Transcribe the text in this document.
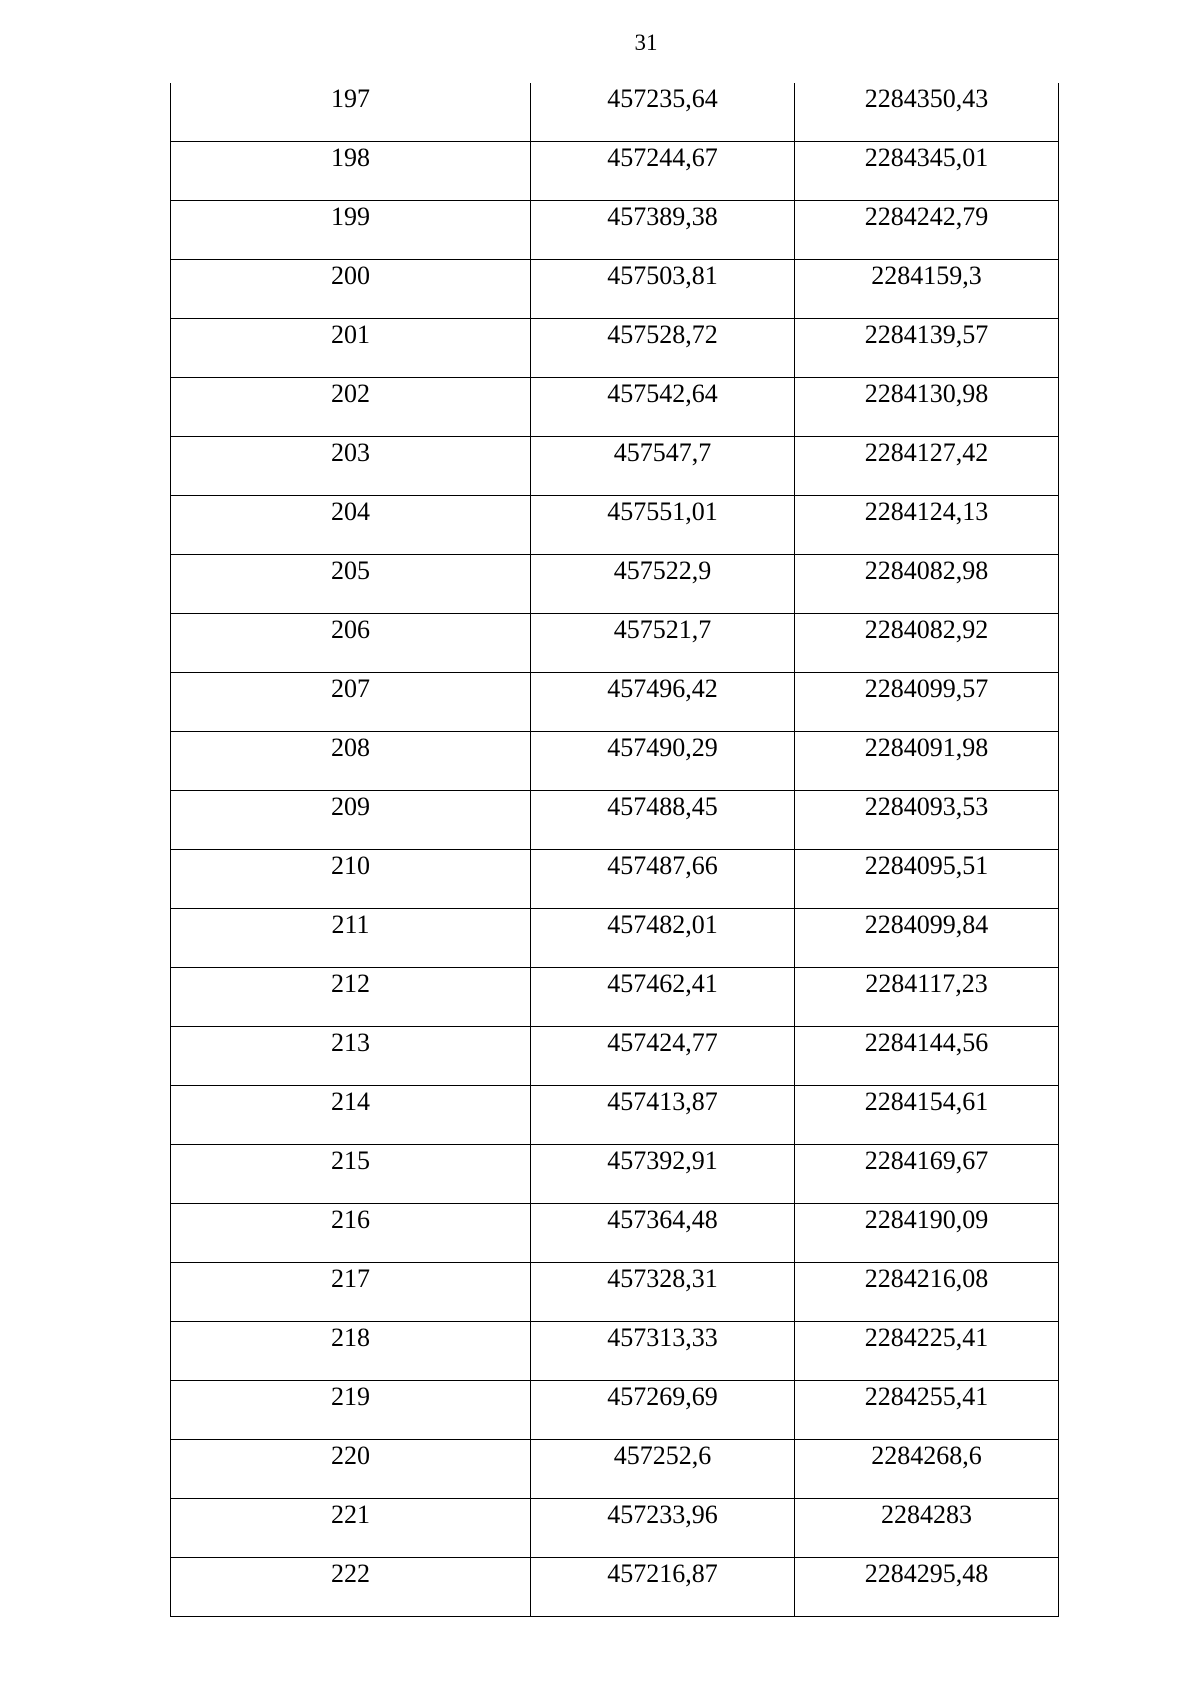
31
197	457235,64	2284350,43
198	457244,67	2284345,01
199	457389,38	2284242,79
200	457503,81	2284159,3
201	457528,72	2284139,57
202	457542,64	2284130,98
203	457547,7	2284127,42
204	457551,01	2284124,13
205	457522,9	2284082,98
206	457521,7	2284082,92
207	457496,42	2284099,57
208	457490,29	2284091,98
209	457488,45	2284093,53
210	457487,66	2284095,51
211	457482,01	2284099,84
212	457462,41	2284117,23
213	457424,77	2284144,56
214	457413,87	2284154,61
215	457392,91	2284169,67
216	457364,48	2284190,09
217	457328,31	2284216,08
218	457313,33	2284225,41
219	457269,69	2284255,41
220	457252,6	2284268,6
221	457233,96	2284283
222	457216,87	2284295,48
